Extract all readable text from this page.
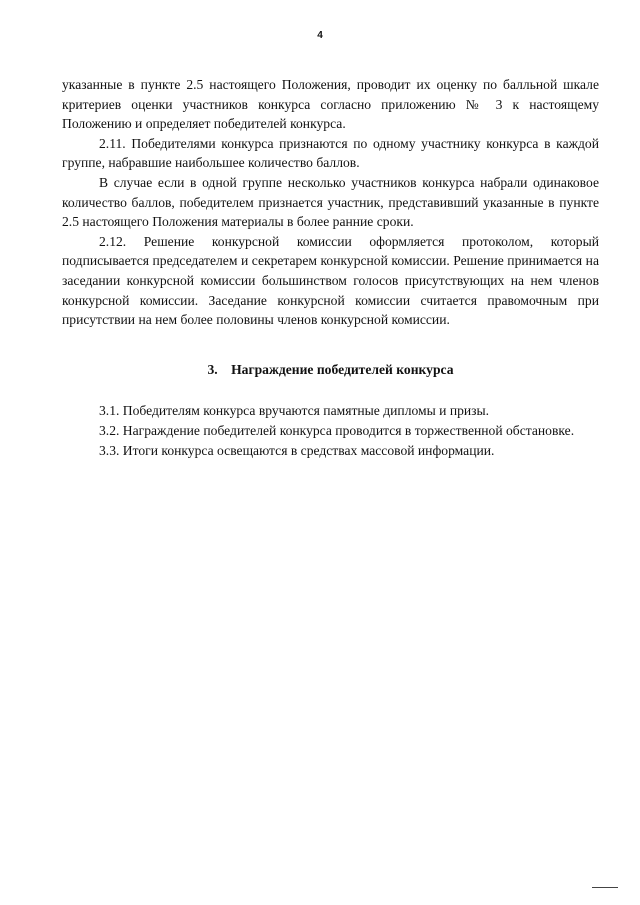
4

указанные в пункте 2.5 настоящего Положения, проводит их оценку по балльной шкале критериев оценки участников конкурса согласно приложению № 3 к настоящему Положению и определяет победителей конкурса.

2.11. Победителями конкурса признаются по одному участнику конкурса в каждой группе, набравшие наибольшее количество баллов.

В случае если в одной группе несколько участников конкурса набрали одинаковое количество баллов, победителем признается участник, представивший указанные в пункте 2.5 настоящего Положения материалы в более ранние сроки.

2.12. Решение конкурсной комиссии оформляется протоколом, который подписывается председателем и секретарем конкурсной комиссии. Решение принимается на заседании конкурсной комиссии большинством голосов присутствующих на нем членов конкурсной комиссии. Заседание конкурсной комиссии считается правомочным при присутствии на нем более половины членов конкурсной комиссии.

3. Награждение победителей конкурса

3.1. Победителям конкурса вручаются памятные дипломы и призы.

3.2. Награждение победителей конкурса проводится в торжественной обстановке.

3.3. Итоги конкурса освещаются в средствах массовой информации.
